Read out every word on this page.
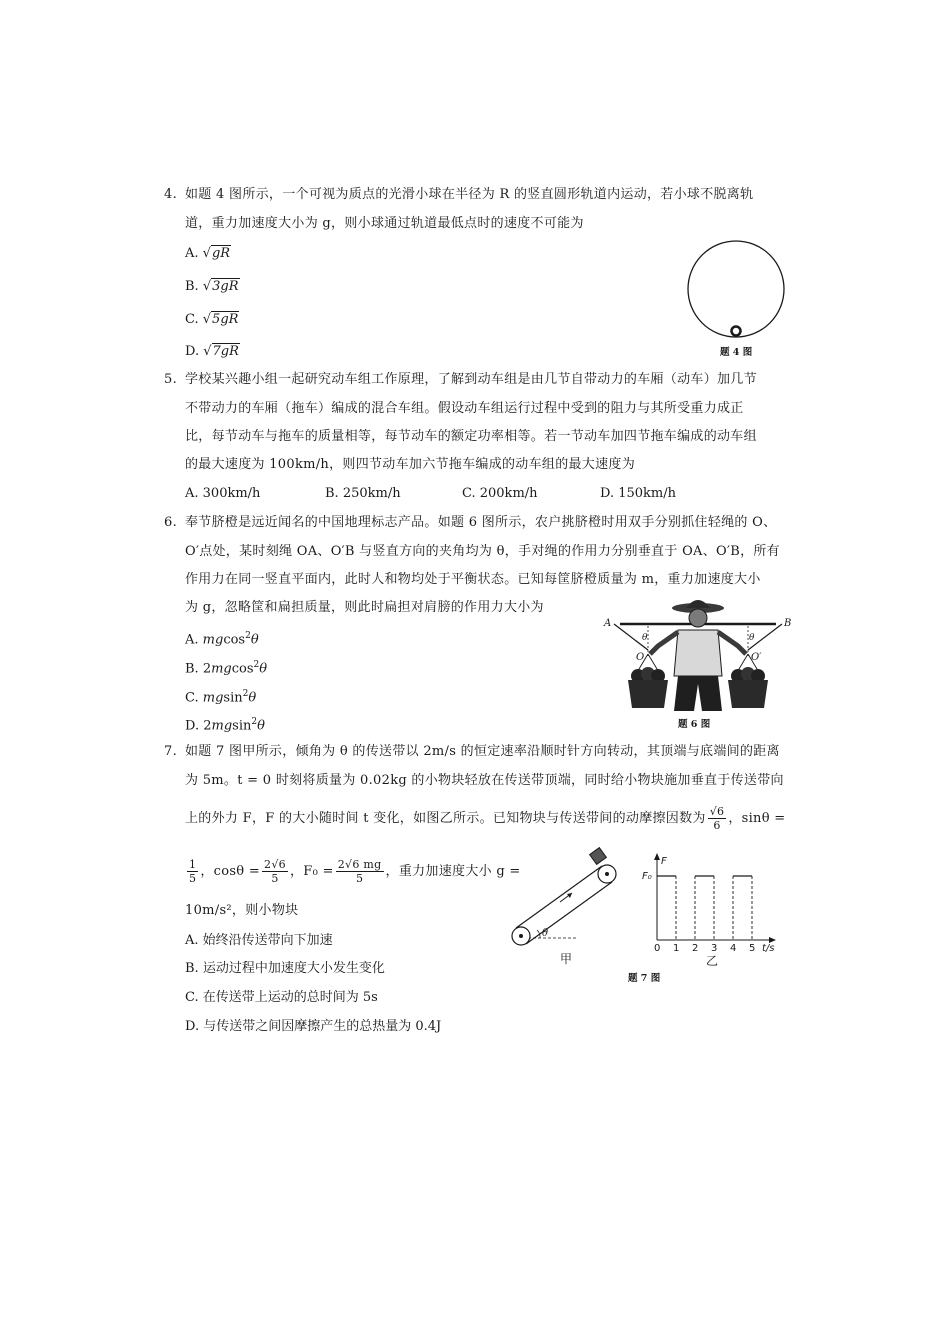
4. 如题 4 图所示，一个可视为质点的光滑小球在半径为 R 的竖直圆形轨道内运动，若小球不脱离轨
道，重力加速度大小为 g，则小球通过轨道最低点时的速度不可能为
A. √gR
B. √3gR
C. √5gR
D. √7gR	题 4 图
5. 学校某兴趣小组一起研究动车组工作原理，了解到动车组是由几节自带动力的车厢（动车）加几节
不带动力的车厢（拖车）编成的混合车组。假设动车组运行过程中受到的阻力与其所受重力成正
比，每节动车与拖车的质量相等，每节动车的额定功率相等。若一节动车加四节拖车编成的动车组
的最大速度为 100km/h，则四节动车加六节拖车编成的动车组的最大速度为
A. 300km/h	B. 250km/h	C. 200km/h	D. 150km/h
6. 奉节脐橙是远近闻名的中国地理标志产品。如题 6 图所示，农户挑脐橙时用双手分别抓住轻绳的 O、
O′点处，某时刻绳 OA、O′B 与竖直方向的夹角均为 θ，手对绳的作用力分别垂直于 OA、O′B，所有
作用力在同一竖直平面内，此时人和物均处于平衡状态。已知每筐脐橙质量为 m，重力加速度大小
为 g，忽略筐和扁担质量，则此时扁担对肩膀的作用力大小为
A. mgcos$^2$θ
B. 2mgcos$^2$θ
C. mgsin$^2$θ
D. 2mgsin$^2$θ
A	B
O	O′
θ	θ
题 6 图
7. 如题 7 图甲所示，倾角为 θ 的传送带以 2m/s 的恒定速率沿顺时针方向转动，其顶端与底端间的距离
为 5m。t = 0 时刻将质量为 0.02kg 的小物块轻放在传送带顶端，同时给小物块施加垂直于传送带向
上的外力 F，F 的大小随时间 t 变化，如图乙所示。已知物块与传送带间的动摩擦因数为 $\frac{√6}{6}$ ，sinθ =
$\frac{1}{5}$ ，$\cos\theta = \frac{2√6}{5}$ ，$F_0 = \frac{2√6 mg}{5}$ ，重力加速度大小 g =
10m/s²，则小物块
A. 始终沿传送带向下加速
B. 运动过程中加速度大小发生变化
C. 在传送带上运动的总时间为 5s
D. 与传送带之间因摩擦产生的总热量为 0.4J
θ
甲
F
F₀
0 1 2 3 4 5 t/s
乙
题 7 图
